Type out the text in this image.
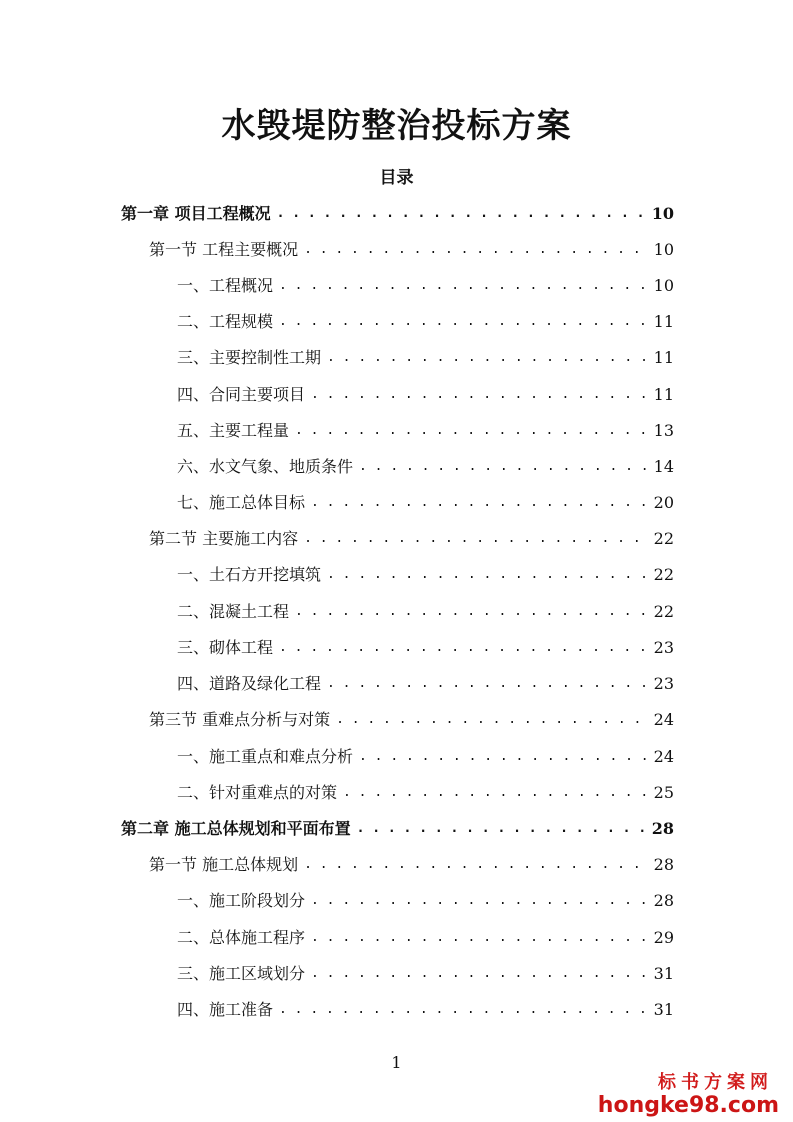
水毁堤防整治投标方案
目录
第一章 项目工程概况 . . .	10
第一节 工程主要概况 . . .	10
一、工程概况 . . .	10
二、工程规模 . . .	11
三、主要控制性工期 . . .	11
四、合同主要项目 . . .	11
五、主要工程量 . . .	13
六、水文气象、地质条件 . . .	14
七、施工总体目标 . . .	20
第二节 主要施工内容 . . .	22
一、土石方开挖填筑 . . .	22
二、混凝土工程 . . .	22
三、砌体工程 . . .	23
四、道路及绿化工程 . . .	23
第三节 重难点分析与对策 . . .	24
一、施工重点和难点分析 . . .	24
二、针对重难点的对策 . . .	25
第二章 施工总体规划和平面布置 . . .	28
第一节 施工总体规划 . . .	28
一、施工阶段划分 . . .	28
二、总体施工程序 . . .	29
三、施工区域划分 . . .	31
四、施工准备 . . .	31
1
标书方案网
hongke98.com
